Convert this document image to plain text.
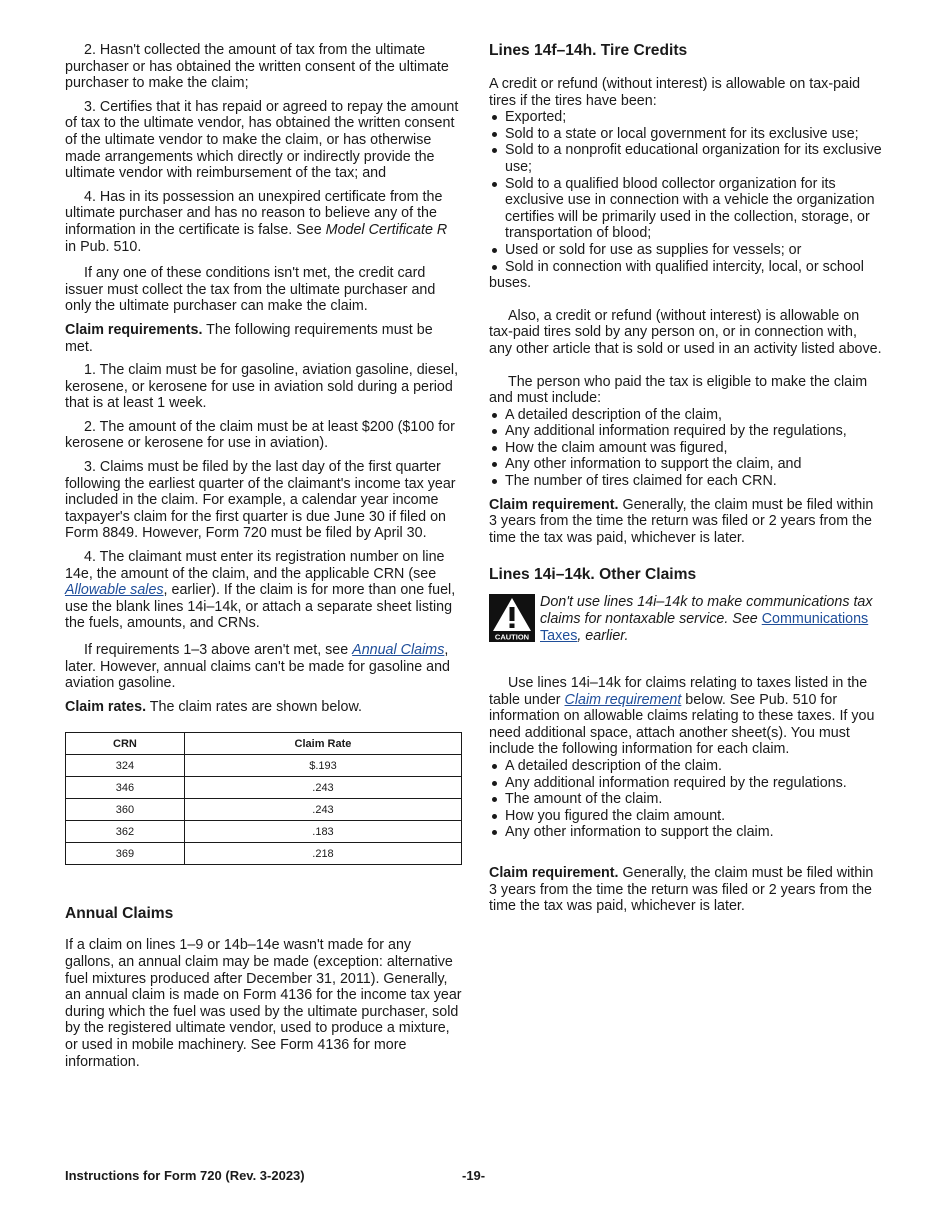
2. Hasn't collected the amount of tax from the ultimate purchaser or has obtained the written consent of the ultimate purchaser to make the claim;

3. Certifies that it has repaid or agreed to repay the amount of tax to the ultimate vendor, has obtained the written consent of the ultimate vendor to make the claim, or has otherwise made arrangements which directly or indirectly provide the ultimate vendor with reimbursement of the tax; and

4. Has in its possession an unexpired certificate from the ultimate purchaser and has no reason to believe any of the information in the certificate is false. See Model Certificate R in Pub. 510.

If any one of these conditions isn't met, the credit card issuer must collect the tax from the ultimate purchaser and only the ultimate purchaser can make the claim.

Claim requirements. The following requirements must be met.

1. The claim must be for gasoline, aviation gasoline, diesel, kerosene, or kerosene for use in aviation sold during a period that is at least 1 week.

2. The amount of the claim must be at least $200 ($100 for kerosene or kerosene for use in aviation).

3. Claims must be filed by the last day of the first quarter following the earliest quarter of the claimant's income tax year included in the claim. For example, a calendar year income taxpayer's claim for the first quarter is due June 30 if filed on Form 8849. However, Form 720 must be filed by April 30.

4. The claimant must enter its registration number on line 14e, the amount of the claim, and the applicable CRN (see Allowable sales, earlier). If the claim is for more than one fuel, use the blank lines 14i–14k, or attach a separate sheet listing the fuels, amounts, and CRNs.

If requirements 1–3 above aren't met, see Annual Claims, later. However, annual claims can't be made for gasoline and aviation gasoline.

Claim rates. The claim rates are shown below.

CRN	Claim Rate
324	$.193
346	.243
360	.243
362	.183
369	.218
Annual Claims

If a claim on lines 1–9 or 14b–14e wasn't made for any gallons, an annual claim may be made (exception: alternative fuel mixtures produced after December 31, 2011). Generally, an annual claim is made on Form 4136 for the income tax year during which the fuel was used by the ultimate purchaser, sold by the registered ultimate vendor, used to produce a mixture, or used in mobile machinery. See Form 4136 for more information.

Lines 14f–14h. Tire Credits

A credit or refund (without interest) is allowable on tax-paid tires if the tires have been:

Exported;
Sold to a state or local government for its exclusive use;
Sold to a nonprofit educational organization for its exclusive use;
Sold to a qualified blood collector organization for its exclusive use in connection with a vehicle the organization certifies will be primarily used in the collection, storage, or transportation of blood;
Used or sold for use as supplies for vessels; or
Sold in connection with qualified intercity, local, or school buses.

Also, a credit or refund (without interest) is allowable on tax-paid tires sold by any person on, or in connection with, any other article that is sold or used in an activity listed above.

The person who paid the tax is eligible to make the claim and must include:

A detailed description of the claim,
Any additional information required by the regulations,
How the claim amount was figured,
Any other information to support the claim, and
The number of tires claimed for each CRN.

Claim requirement. Generally, the claim must be filed within 3 years from the time the return was filed or 2 years from the time the tax was paid, whichever is later.

Lines 14i–14k. Other Claims
CAUTION
Don't use lines 14i–14k to make communications tax claims for nontaxable service. See Communications Taxes, earlier.

Use lines 14i–14k for claims relating to taxes listed in the table under Claim requirement below. See Pub. 510 for information on allowable claims relating to these taxes. If you need additional space, attach another sheet(s). You must include the following information for each claim.

A detailed description of the claim.
Any additional information required by the regulations.
The amount of the claim.
How you figured the claim amount.
Any other information to support the claim.

Claim requirement. Generally, the claim must be filed within 3 years from the time the return was filed or 2 years from the time the tax was paid, whichever is later.

Instructions for Form 720 (Rev. 3-2023)	-19-
